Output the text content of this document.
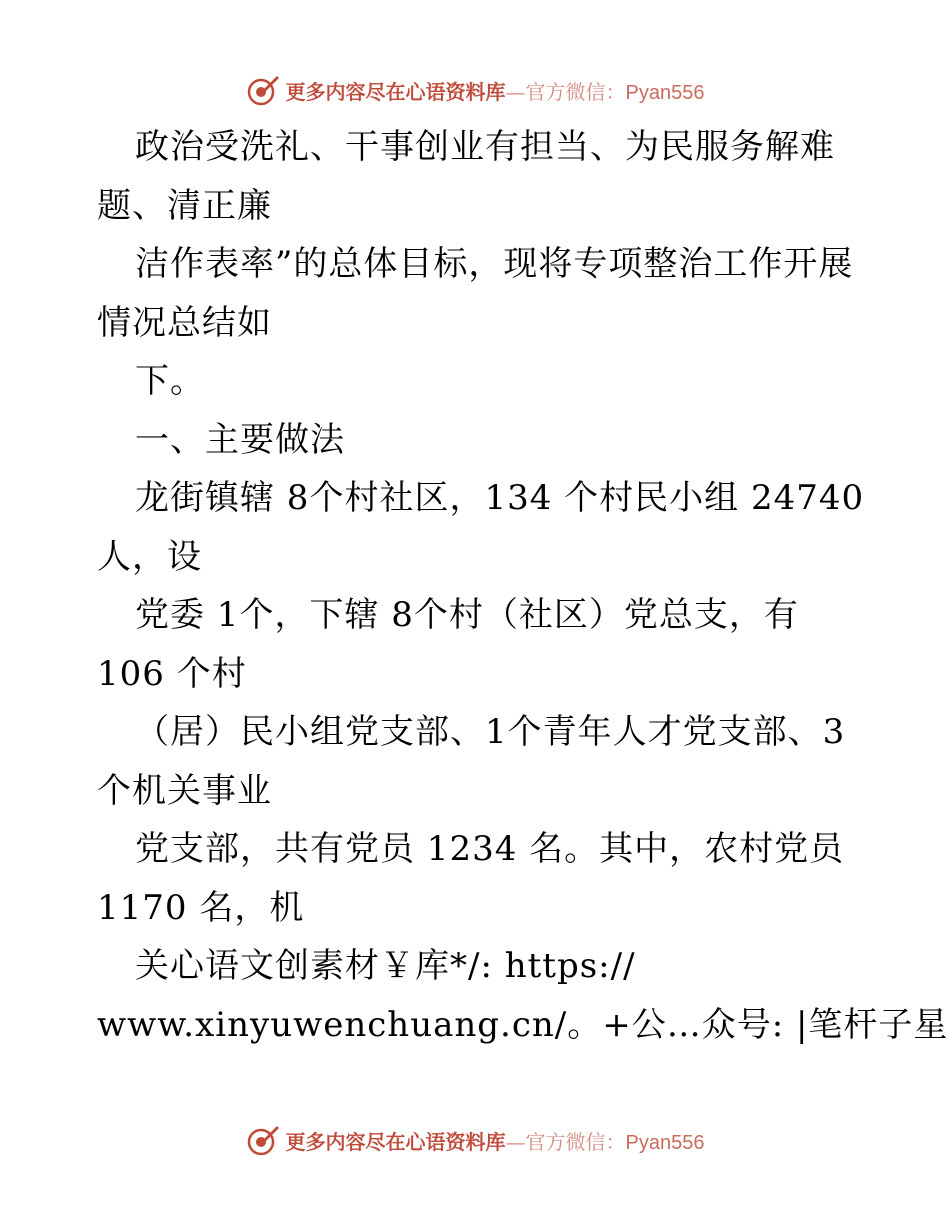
更多内容尽在心语资料库—官方微信：Pyan556
政治受洗礼、干事创业有担当、为民服务解难
题、清正廉
洁作表率”的总体目标，现将专项整治工作开展
情况总结如
下。
一、主要做法
龙街镇辖 8个村社区，134 个村民小组 24740
人，设
党委 1个，下辖 8个村（社区）党总支，有
106 个村
（居）民小组党支部、1个青年人才党支部、3
个机关事业
党支部，共有党员 1234 名。其中，农村党员
1170 名，机
关心语文创素材￥库*/: https://
www.xinyuwenchuang.cn/。+公…众号: |笔杆子星
更多内容尽在心语资料库—官方微信：Pyan556
